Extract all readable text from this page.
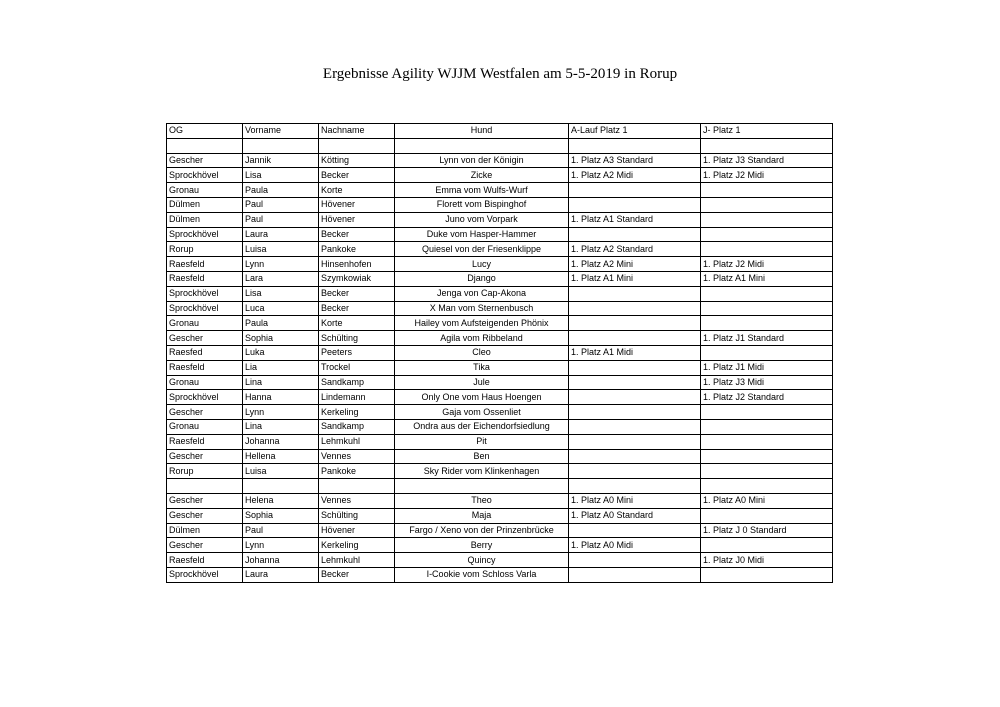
Ergebnisse Agility WJJM Westfalen am 5-5-2019 in Rorup
OG	Vorname	Nachname	Hund	A-Lauf Platz 1	J- Platz 1

Gescher	Jannik	Kötting	Lynn von der Königin	1. Platz A3 Standard	1. Platz J3 Standard
Sprockhövel	Lisa	Becker	Zicke	1. Platz A2 Midi	1. Platz J2 Midi
Gronau	Paula	Korte	Emma vom Wulfs-Wurf		
Dülmen	Paul	Hövener	Florett vom Bispinghof		
Dülmen	Paul	Hövener	Juno vom Vorpark	1. Platz A1 Standard	
Sprockhövel	Laura	Becker	Duke vom Hasper-Hammer		
Rorup	Luisa	Pankoke	Quiesel von der Friesenklippe	1. Platz A2 Standard	
Raesfeld	Lynn	Hinsenhofen	Lucy	1. Platz A2 Mini	1. Platz J2 Midi
Raesfeld	Lara	Szymkowiak	Django	1. Platz A1 Mini	1. Platz A1 Mini
Sprockhövel	Lisa	Becker	Jenga von Cap-Akona		
Sprockhövel	Luca	Becker	X Man vom Sternenbusch		
Gronau	Paula	Korte	Hailey vom Aufsteigenden Phönix		
Gescher	Sophia	Schülting	Agila vom Ribbeland		1. Platz J1 Standard
Raesfed	Luka	Peeters	Cleo	1. Platz A1 Midi	
Raesfeld	Lia	Trockel	Tika		1. Platz J1 Midi
Gronau	Lina	Sandkamp	Jule		1. Platz J3 Midi
Sprockhövel	Hanna	Lindemann	Only One vom Haus Hoengen		1. Platz J2 Standard
Gescher	Lynn	Kerkeling	Gaja vom Ossenliet		
Gronau	Lina	Sandkamp	Ondra aus der Eichendorfsiedlung		
Raesfeld	Johanna	Lehmkuhl	Pit		
Gescher	Hellena	Vennes	Ben		
Rorup	Luisa	Pankoke	Sky Rider vom Klinkenhagen		

Gescher	Helena	Vennes	Theo	1. Platz A0 Mini	1. Platz A0 Mini
Gescher	Sophia	Schülting	Maja	1. Platz A0 Standard	
Dülmen	Paul	Hövener	Fargo / Xeno von der Prinzenbrücke		1. Platz J 0 Standard
Gescher	Lynn	Kerkeling	Berry	1. Platz A0 Midi	
Raesfeld	Johanna	Lehmkuhl	Quincy		1. Platz J0 Midi
Sprockhövel	Laura	Becker	I-Cookie vom Schloss Varla		
